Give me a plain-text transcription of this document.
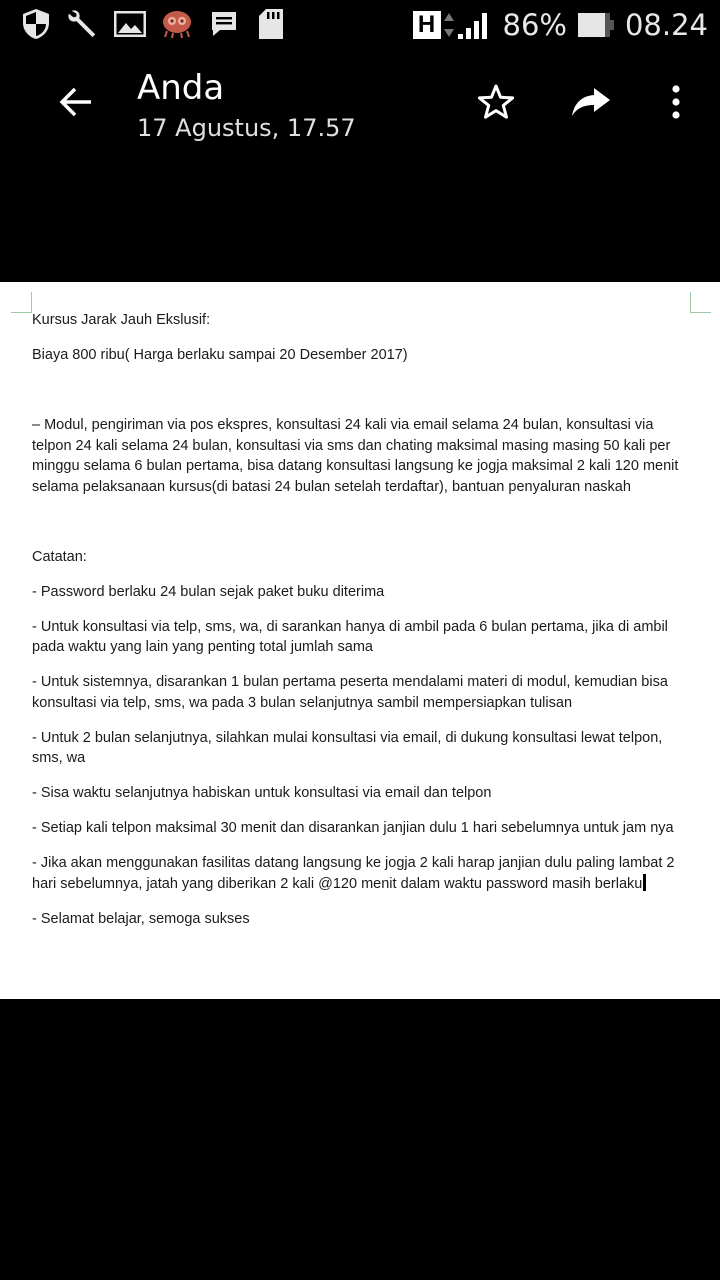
H 86% 08.24
Anda
17 Agustus, 17.57

Kursus Jarak Jauh Ekslusif:

Biaya 800 ribu( Harga berlaku sampai 20 Desember 2017)

– Modul, pengiriman via pos ekspres, konsultasi 24 kali via email selama 24 bulan, konsultasi via telpon 24 kali selama 24 bulan, konsultasi via sms dan chating maksimal masing masing 50 kali per minggu selama 6 bulan pertama, bisa datang konsultasi langsung ke jogja maksimal 2 kali 120 menit selama pelaksanaan kursus(di batasi 24 bulan setelah terdaftar), bantuan penyaluran naskah

Catatan:

- Password berlaku 24 bulan sejak paket buku diterima

- Untuk konsultasi via telp, sms, wa, di sarankan hanya di ambil pada 6 bulan pertama, jika di ambil pada waktu yang lain yang penting total jumlah sama

- Untuk sistemnya, disarankan 1 bulan pertama peserta mendalami materi di modul, kemudian bisa konsultasi via telp, sms, wa pada 3 bulan selanjutnya sambil mempersiapkan tulisan

- Untuk 2 bulan selanjutnya, silahkan mulai konsultasi via email, di dukung konsultasi lewat telpon, sms, wa

- Sisa waktu selanjutnya habiskan untuk konsultasi via email dan telpon

- Setiap kali telpon maksimal 30 menit dan disarankan janjian dulu 1 hari sebelumnya untuk jam nya

- Jika akan menggunakan fasilitas datang langsung ke jogja 2 kali harap janjian dulu paling lambat 2 hari sebelumnya, jatah yang diberikan 2 kali @120 menit dalam waktu password masih berlaku

- Selamat belajar, semoga sukses
